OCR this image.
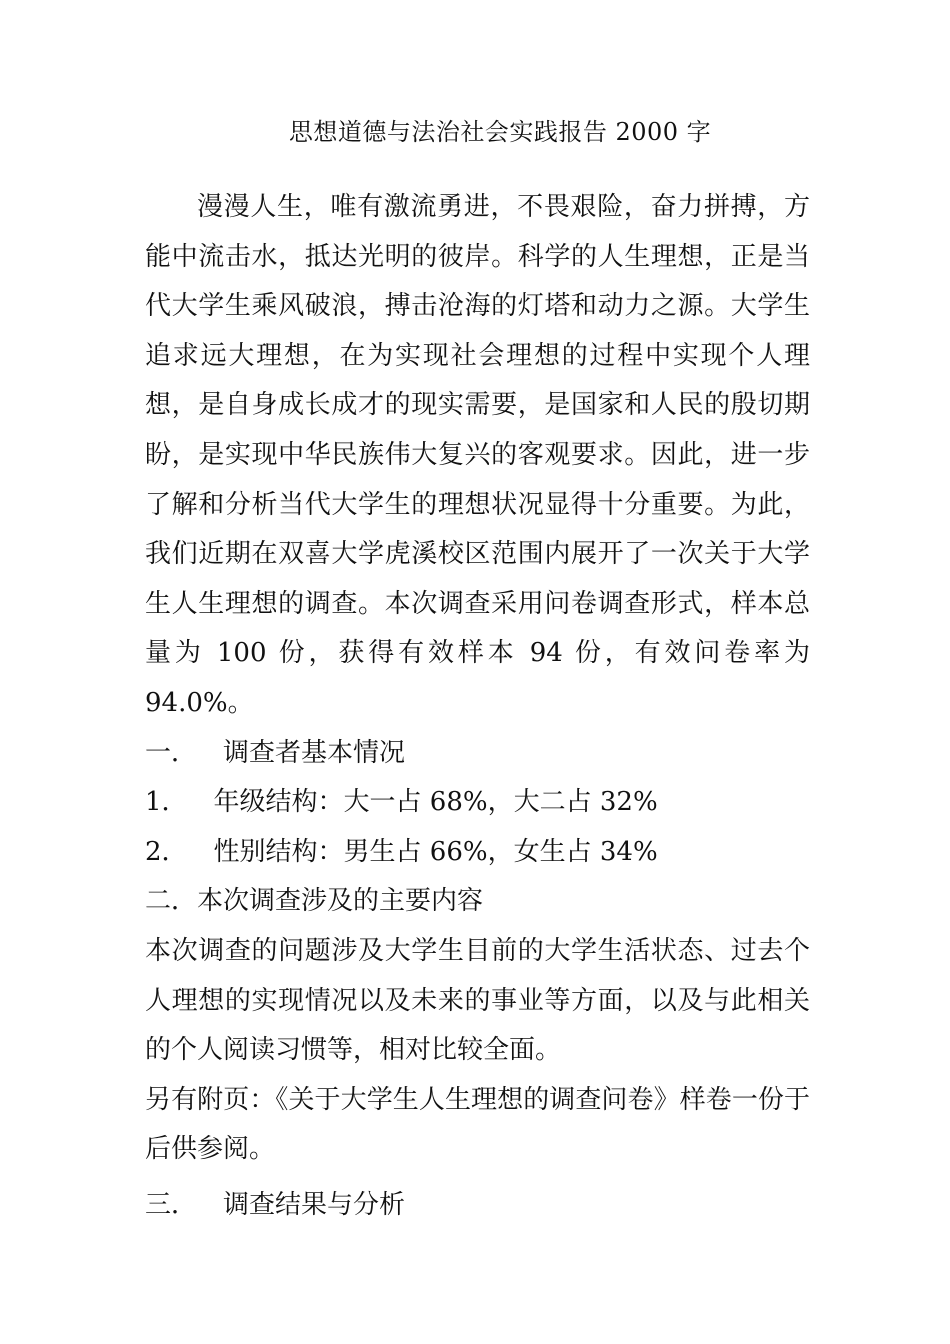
思想道德与法治社会实践报告 2000 字

漫漫人生，唯有激流勇进，不畏艰险，奋力拼搏，方能中流击水，抵达光明的彼岸。科学的人生理想，正是当代大学生乘风破浪，搏击沧海的灯塔和动力之源。大学生追求远大理想，在为实现社会理想的过程中实现个人理想，是自身成长成才的现实需要，是国家和人民的殷切期盼，是实现中华民族伟大复兴的客观要求。因此，进一步了解和分析当代大学生的理想状况显得十分重要。为此，我们近期在双喜大学虎溪校区范围内展开了一次关于大学生人生理想的调查。本次调查采用问卷调查形式，样本总量为 100 份，获得有效样本 94 份，有效问卷率为 94.0%。

一． 调查者基本情况
1． 年级结构：大一占 68%，大二占 32%
2． 性别结构：男生占 66%，女生占 34%
二．本次调查涉及的主要内容

本次调查的问题涉及大学生目前的大学生活状态、过去个人理想的实现情况以及未来的事业等方面，以及与此相关的个人阅读习惯等，相对比较全面。

另有附页：《关于大学生人生理想的调查问卷》样卷一份于后供参阅。

三． 调查结果与分析
